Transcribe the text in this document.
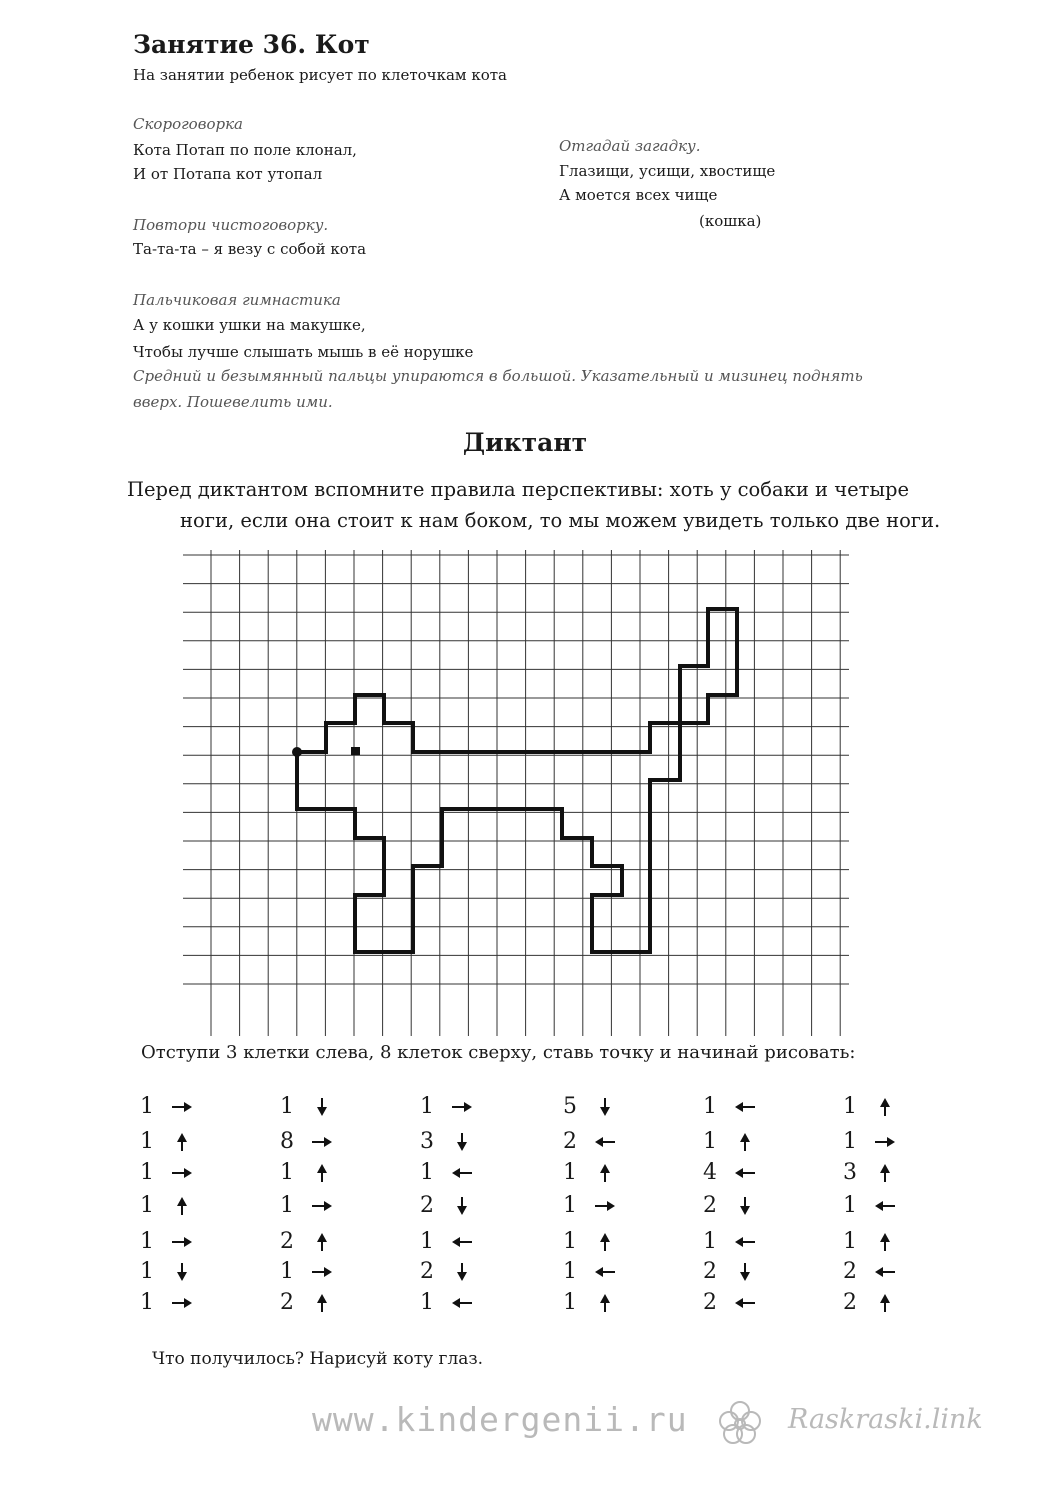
Занятие 36. Кот
На занятии ребенок рисует по клеточкам кота
Скороговорка
Кота Потап по поле клонал,
И от Потапа кот утопал
Отгадай загадку.
Глазищи, усищи, хвостище
А моется всех чище
(кошка)
Повтори чистоговорку.
Та-та-та – я везу с собой кота
Пальчиковая гимнастика
А у кошки ушки на макушке,
Чтобы лучше слышать мышь в её норушке
Средний и безымянный пальцы упираются в большой. Указательный и мизинец поднять
вверх. Пошевелить ими.
Диктант
Перед диктантом вспомните правила перспективы: хоть у собаки и четыре
ноги, если она стоит к нам боком, то мы можем увидеть только две ноги.
Отступи 3 клетки слева, 8 клеток сверху, ставь точку и начинай рисовать:
1
1
1
1
1
1
1
1
8
1
1
2
1
2
1
3
1
2
1
2
1
5
2
1
1
1
1
1
1
1
4
2
1
2
2
1
1
3
1
1
2
2
Что получилось? Нарисуй коту глаз.
www.kindergenii.ru	Raskraski.link
